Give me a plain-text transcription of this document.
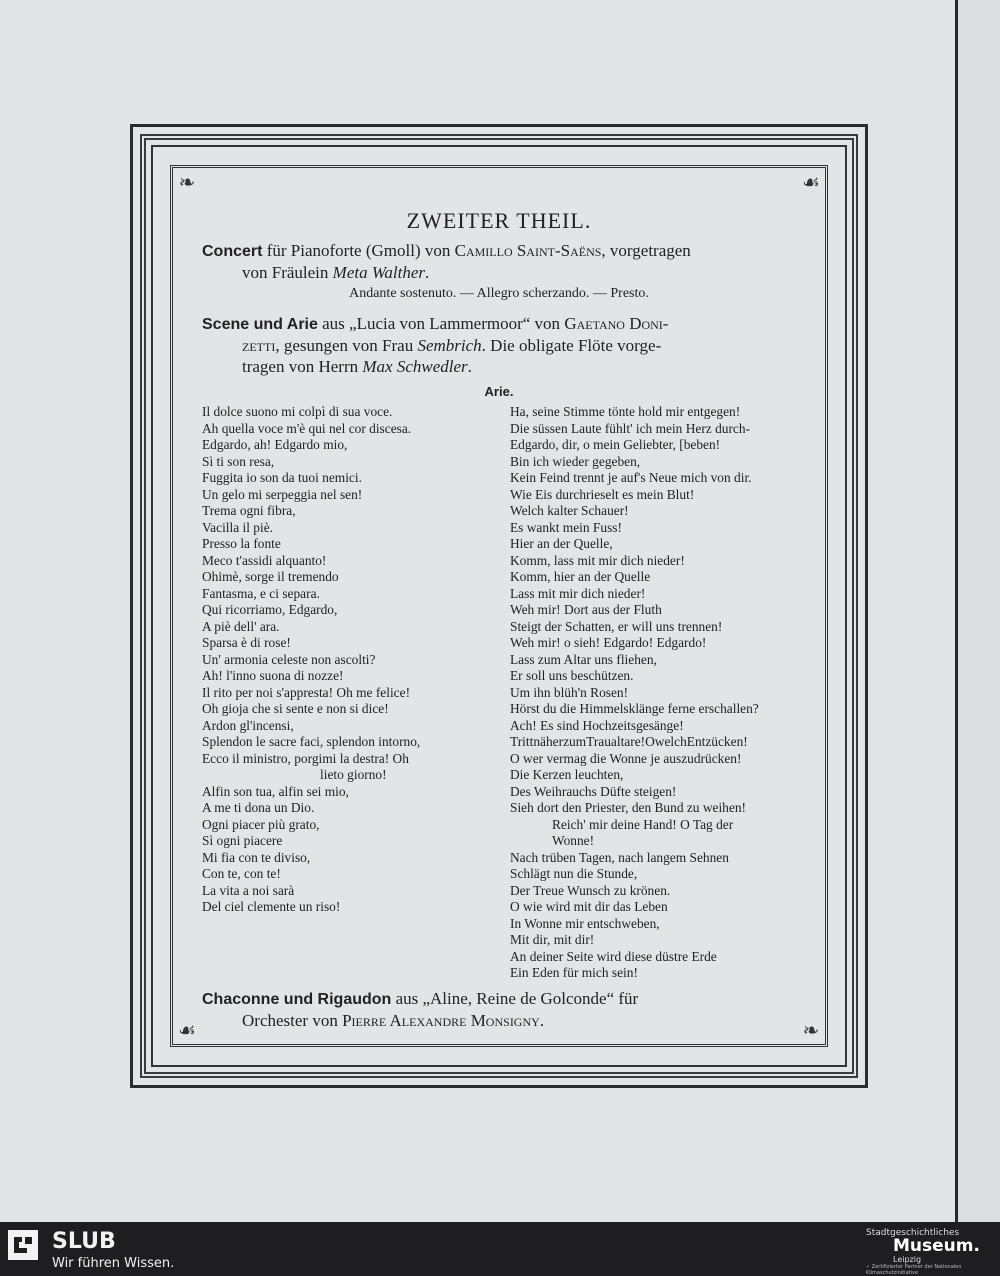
❧	☙
☙	❧
ZWEITER THEIL.
Concert für Pianoforte (Gmoll) von Camillo Saint-Saëns, vorgetragen
von Fräulein Meta Walther.
Andante sostenuto. — Allegro scherzando. — Presto.
Scene und Arie aus „Lucia von Lammermoor“ von Gaetano Doni-
zetti, gesungen von Frau Sembrich. Die obligate Flöte vorge-
tragen von Herrn Max Schwedler.
Arie.
Il dolce suono mi colpì di sua voce.
Ah quella voce m'è qui nel cor discesa.
Edgardo, ah! Edgardo mio,
Sì ti son resa,
Fuggita io son da tuoi nemici.
Un gelo mi serpeggia nel sen!
Trema ogni fibra,
Vacilla il piè.
Presso la fonte
Meco t'assidi alquanto!
Ohimè, sorge il tremendo
Fantasma, e ci separa.
Qui ricorriamo, Edgardo,
A piè dell' ara.
Sparsa è di rose!
Un' armonia celeste non ascolti?
Ah! l'inno suona di nozze!
Il rito per noi s'appresta! Oh me felice!
Oh gioja che si sente e non si dice!
Ardon gl'incensi,
Splendon le sacre faci, splendon intorno,
Ecco il ministro, porgimi la destra! Oh
lieto giorno!
Alfin son tua, alfin sei mio,
A me ti dona un Dio.
Ogni piacer più grato,
Sì ogni piacere
Mi fia con te diviso,
Con te, con te!
La vita a noi sarà
Del ciel clemente un riso!
Ha, seine Stimme tönte hold mir entgegen!
Die süssen Laute fühlt' ich mein Herz durch-
Edgardo, dir, o mein Geliebter, [beben!
Bin ich wieder gegeben,
Kein Feind trennt je auf's Neue mich von dir.
Wie Eis durchrieselt es mein Blut!
Welch kalter Schauer!
Es wankt mein Fuss!
Hier an der Quelle,
Komm, lass mit mir dich nieder!
Komm, hier an der Quelle
Lass mit mir dich nieder!
Weh mir! Dort aus der Fluth
Steigt der Schatten, er will uns trennen!
Weh mir! o sieh! Edgardo! Edgardo!
Lass zum Altar uns fliehen,
Er soll uns beschützen.
Um ihn blüh'n Rosen!
Hörst du die Himmelsklänge ferne erschallen?
Ach! Es sind Hochzeitsgesänge!
TrittnäherzumTraualtare!OwelchEntzücken!
O wer vermag die Wonne je auszudrücken!
Die Kerzen leuchten,
Des Weihrauchs Düfte steigen!
Sieh dort den Priester, den Bund zu weihen!
Reich' mir deine Hand! O Tag der
Wonne!
Nach trüben Tagen, nach langem Sehnen
Schlägt nun die Stunde,
Der Treue Wunsch zu krönen.
O wie wird mit dir das Leben
In Wonne mir entschweben,
Mit dir, mit dir!
An deiner Seite wird diese düstre Erde
Ein Eden für mich sein!
Chaconne und Rigaudon aus „Aline, Reine de Golconde“ für
Orchester von Pierre Alexandre Monsigny.
SLUB
Wir führen Wissen.
Stadtgeschichtliches
Museum.
Leipzig
✓ Zertifizierter Partner der Nationalen Klimaschutzinitiative
